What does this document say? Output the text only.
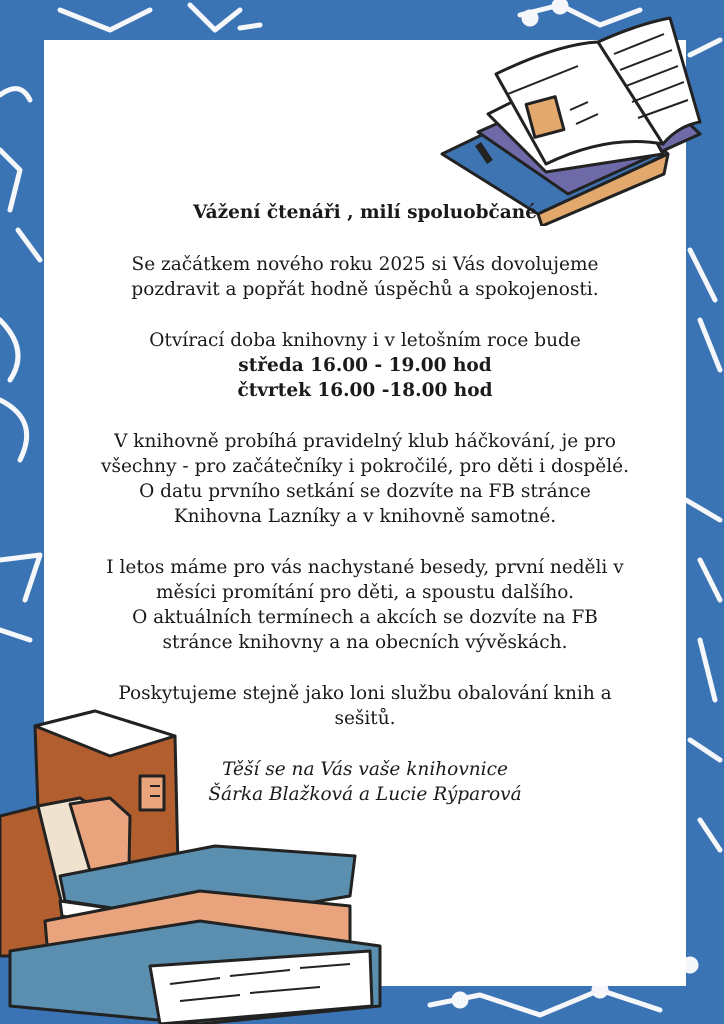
Vážení čtenáři , milí spoluobčané

Se začátkem nového roku 2025 si Vás dovolujeme
pozdravit a popřát hodně úspěchů a spokojenosti.

Otvírací doba knihovny i v letošním roce bude
středa 16.00 - 19.00 hod
čtvrtek 16.00 -18.00 hod

V knihovně probíhá pravidelný klub háčkování, je pro
všechny - pro začátečníky i pokročilé, pro děti i dospělé.
O datu prvního setkání se dozvíte na FB stránce
Knihovna Lazníky a v knihovně samotné.

I letos máme pro vás nachystané besedy, první neděli v
měsíci promítání pro děti, a spoustu dalšího.
O aktuálních termínech a akcích se dozvíte na FB
stránce knihovny a na obecních vývěskách.

Poskytujeme stejně jako loni službu obalování knih a
sešitů.

Těší se na Vás vaše knihovnice
Šárka Blažková a Lucie Rýparová
